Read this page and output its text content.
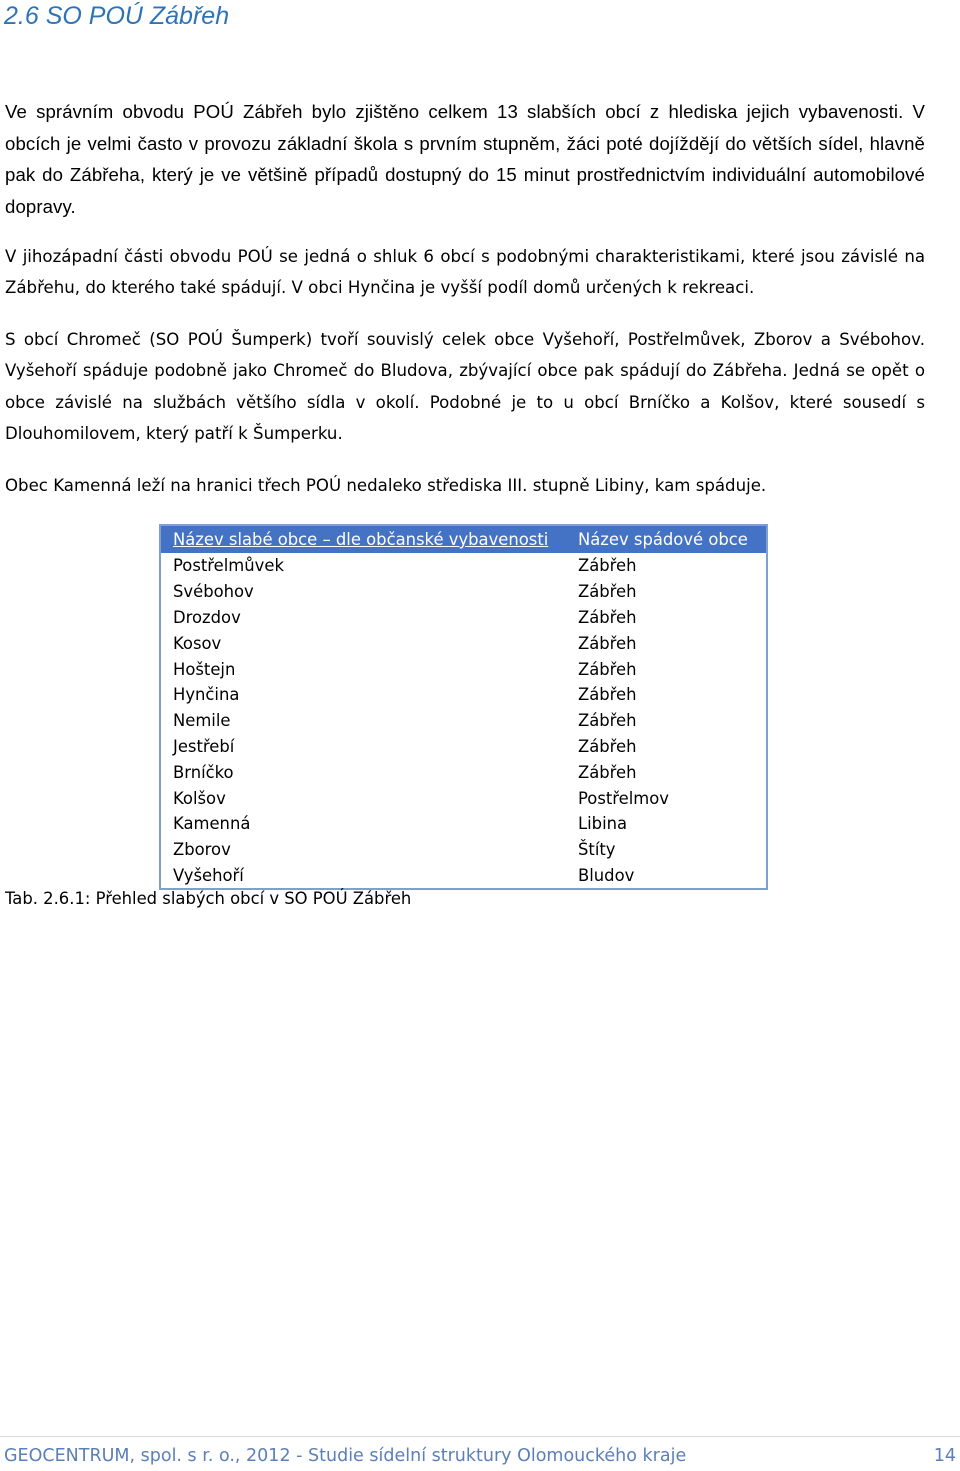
2.6 SO POÚ Zábřeh

Ve správním obvodu POÚ Zábřeh bylo zjištěno celkem 13 slabších obcí z hlediska jejich vybavenosti. V obcích je velmi často v provozu základní škola s prvním stupněm, žáci poté dojíždějí do větších sídel, hlavně pak do Zábřeha, který je ve většině případů dostupný do 15 minut prostřednictvím individuální automobilové dopravy.

V jihozápadní části obvodu POÚ se jedná o shluk 6 obcí s podobnými charakteristikami, které jsou závislé na Zábřehu, do kterého také spádují. V obci Hynčina je vyšší podíl domů určených k rekreaci.

S obcí Chromeč (SO POÚ Šumperk) tvoří souvislý celek obce Vyšehoří, Postřelmůvek, Zborov a Svébohov. Vyšehoří spáduje podobně jako Chromeč do Bludova, zbývající obce pak spádují do Zábřeha. Jedná se opět o obce závislé na službách většího sídla v okolí. Podobné je to u obcí Brníčko a Kolšov, které sousedí s Dlouhomilovem, který patří k Šumperku.

Obec Kamenná leží na hranici třech POÚ nedaleko střediska III. stupně Libiny, kam spáduje.

Název slabé obce – dle občanské vybavenosti	Název spádové obce
Postřelmůvek	Zábřeh
Svébohov	Zábřeh
Drozdov	Zábřeh
Kosov	Zábřeh
Hoštejn	Zábřeh
Hynčina	Zábřeh
Nemile	Zábřeh
Jestřebí	Zábřeh
Brníčko	Zábřeh
Kolšov	Postřelmov
Kamenná	Libina
Zborov	Štíty
Vyšehoří	Bludov

Tab. 2.6.1: Přehled slabých obcí v SO POÚ Zábřeh

GEOCENTRUM, spol. s r. o., 2012 - Studie sídelní struktury Olomouckého kraje	14
